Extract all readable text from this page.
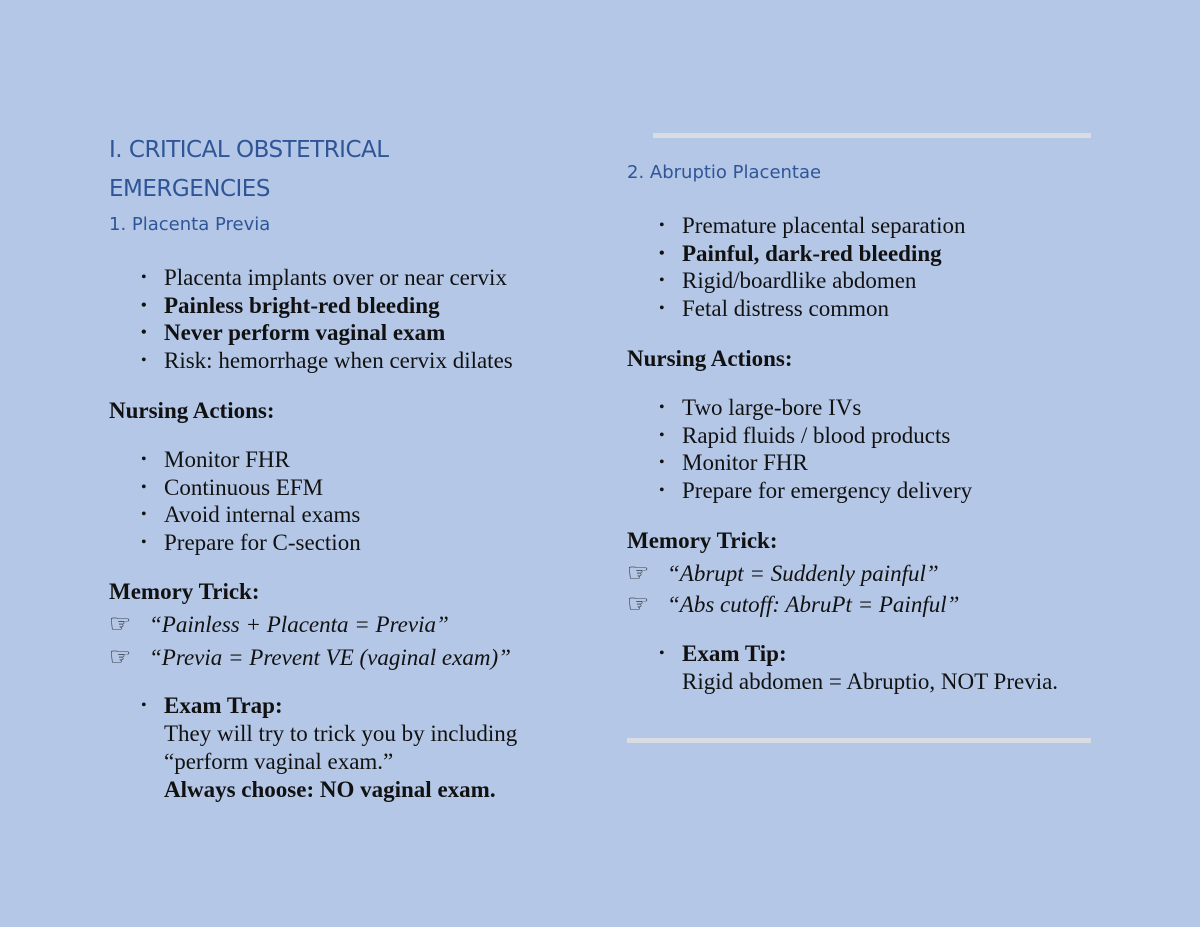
I. CRITICAL OBSTETRICAL
EMERGENCIES
1. Placenta Previa
• Placenta implants over or near cervix
• Painless bright-red bleeding
• Never perform vaginal exam
• Risk: hemorrhage when cervix dilates

Nursing Actions:

• Monitor FHR
• Continuous EFM
• Avoid internal exams
• Prepare for C-section

Memory Trick:

☞ “Painless + Placenta = Previa”
☞ “Previa = Prevent VE (vaginal exam)”
• Exam Trap:
They will try to trick you by including
“perform vaginal exam.”
Always choose: NO vaginal exam.
2. Abruptio Placentae
• Premature placental separation
• Painful, dark-red bleeding
• Rigid/boardlike abdomen
• Fetal distress common

Nursing Actions:

• Two large-bore IVs
• Rapid fluids / blood products
• Monitor FHR
• Prepare for emergency delivery

Memory Trick:

☞ “Abrupt = Suddenly painful”
☞ “Abs cutoff: AbruPt = Painful”
• Exam Tip:
Rigid abdomen = Abruptio, NOT Previa.
